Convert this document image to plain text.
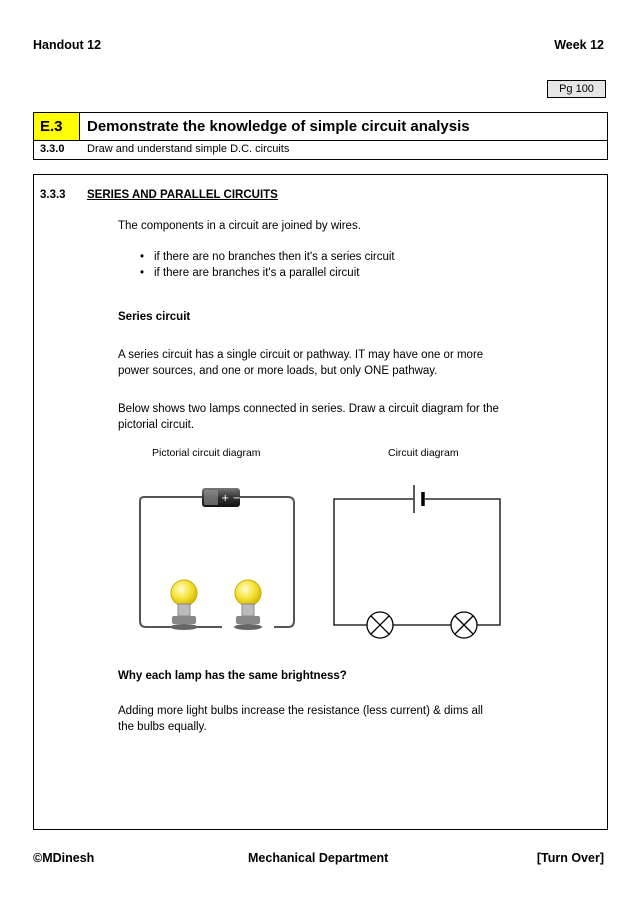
Handout 12	Week 12
Pg 100
E.3	Demonstrate the knowledge of simple circuit analysis
3.3.0 Draw and understand simple D.C. circuits
3.3.3 SERIES AND PARALLEL CIRCUITS
The components in a circuit are joined by wires.
• if there are no branches then it's a series circuit
• if there are branches it's a parallel circuit
Series circuit
A series circuit has a single circuit or pathway. IT may have one or more
power sources, and one or more loads, but only ONE pathway.
Below shows two lamps connected in series. Draw a circuit diagram for the
pictorial circuit.
Pictorial circuit diagram	Circuit diagram
+ −
Why each lamp has the same brightness?
Adding more light bulbs increase the resistance (less current) & dims all
the bulbs equally.
©MDinesh	Mechanical Department	[Turn Over]
